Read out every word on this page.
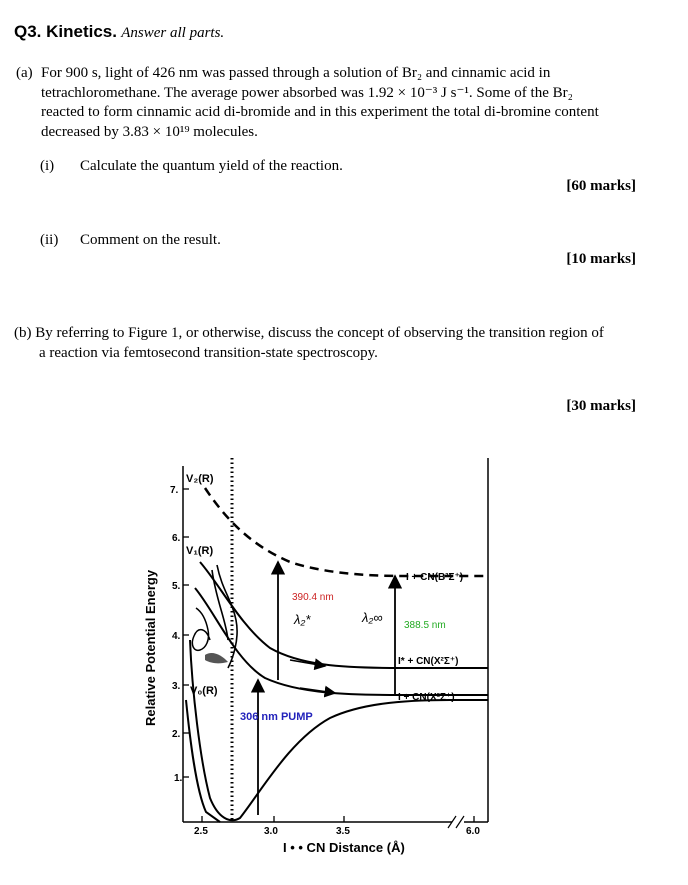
Q3. Kinetics. Answer all parts.
(a) For 900 s, light of 426 nm was passed through a solution of Br₂ and cinnamic acid in
tetrachloromethane. The average power absorbed was 1.92 × 10⁻³ J s⁻¹. Some of the Br₂
reacted to form cinnamic acid di-bromide and in this experiment the total di-bromine content
decreased by 3.83 × 10¹⁹ molecules.
(i) Calculate the quantum yield of the reaction.
[60 marks]
(ii) Comment on the result.
[10 marks]
(b) By referring to Figure 1, or otherwise, discuss the concept of observing the transition region of
a reaction via femtosecond transition-state spectroscopy.
[30 marks]
Relative Potential Energy
1.
2.
3.
4.
5.
6.
7.
2.5	3.0	3.5	6.0
I • • CN Distance (Å)
306 nm PUMP
390.4 nm
λ₂*	λ₂∞
388.5 nm
V₂(R)
V₁(R)
V₀(R)
I + CN(B²Σ⁺)
I* + CN(X²Σ⁺)
I + CN(X²Σ⁺)
